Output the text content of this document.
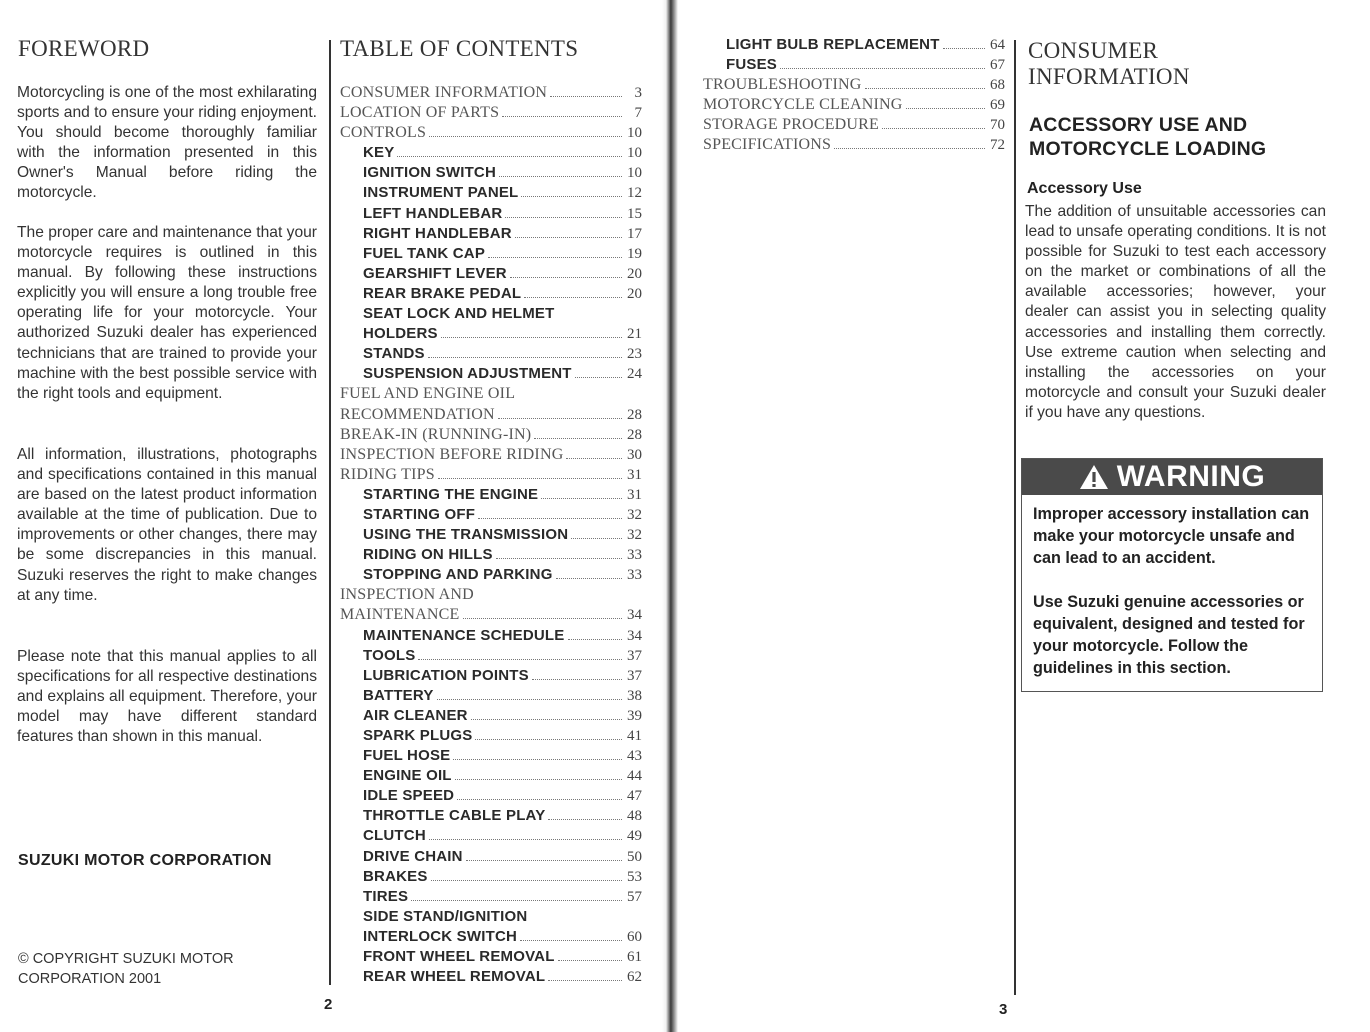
FOREWORD

Motorcycling is one of the most exhilarating sports and to ensure your riding enjoyment. You should become thoroughly familiar with the information presented in this Owner's Manual before riding the motorcycle.

The proper care and maintenance that your motorcycle requires is outlined in this manual. By following these instructions explicitly you will ensure a long trouble free operating life for your motorcycle. Your authorized Suzuki dealer has experienced technicians that are trained to provide your machine with the best possible service with the right tools and equipment.

All information, illustrations, photographs and specifications contained in this manual are based on the latest product information available at the time of publication. Due to improvements or other changes, there may be some discrepancies in this manual. Suzuki reserves the right to make changes at any time.

Please note that this manual applies to all specifications for all respective destinations and explains all equipment. Therefore, your model may have different standard features than shown in this manual.

SUZUKI MOTOR CORPORATION
© COPYRIGHT SUZUKI MOTOR CORPORATION 2001
TABLE OF CONTENTS
CONSUMER INFORMATION	3
LOCATION OF PARTS	7
CONTROLS	10
KEY	10
IGNITION SWITCH	10
INSTRUMENT PANEL	12
LEFT HANDLEBAR	15
RIGHT HANDLEBAR	17
FUEL TANK CAP	19
GEARSHIFT LEVER	20
REAR BRAKE PEDAL	20
SEAT LOCK AND HELMET
HOLDERS	21
STANDS	23
SUSPENSION ADJUSTMENT	24
FUEL AND ENGINE OIL
RECOMMENDATION	28
BREAK-IN (RUNNING-IN)	28
INSPECTION BEFORE RIDING	30
RIDING TIPS	31
STARTING THE ENGINE	31
STARTING OFF	32
USING THE TRANSMISSION	32
RIDING ON HILLS	33
STOPPING AND PARKING	33
INSPECTION AND
MAINTENANCE	34
MAINTENANCE SCHEDULE	34
TOOLS	37
LUBRICATION POINTS	37
BATTERY	38
AIR CLEANER	39
SPARK PLUGS	41
FUEL HOSE	43
ENGINE OIL	44
IDLE SPEED	47
THROTTLE CABLE PLAY	48
CLUTCH	49
DRIVE CHAIN	50
BRAKES	53
TIRES	57
SIDE STAND/IGNITION
INTERLOCK SWITCH	60
FRONT WHEEL REMOVAL	61
REAR WHEEL REMOVAL	62
2
LIGHT BULB REPLACEMENT	64
FUSES	67
TROUBLESHOOTING	68
MOTORCYCLE CLEANING	69
STORAGE PROCEDURE	70
SPECIFICATIONS	72
CONSUMER
INFORMATION
ACCESSORY USE AND
MOTORCYCLE LOADING
Accessory Use

The addition of unsuitable accessories can lead to unsafe operating conditions. It is not possible for Suzuki to test each accessory on the market or combinations of all the available accessories; however, your dealer can assist you in selecting quality accessories and installing them correctly. Use extreme caution when selecting and installing the accessories on your motorcycle and consult your Suzuki dealer if you have any questions.

WARNING

Improper accessory installation can make your motorcycle unsafe and can lead to an accident.

Use Suzuki genuine accessories or equivalent, designed and tested for your motorcycle. Follow the guidelines in this section.

3
